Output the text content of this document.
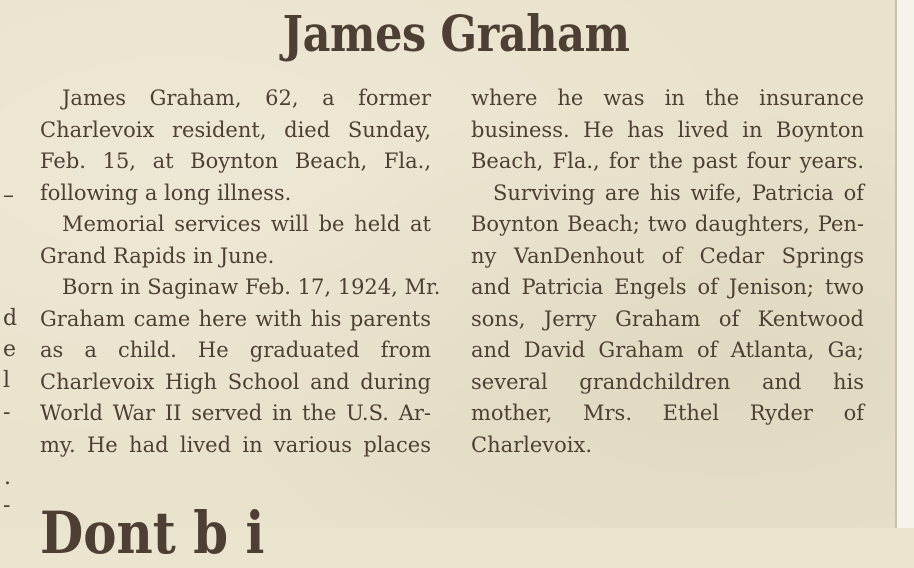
James Graham
–
d
e
l
-
.
-
James Graham, 62, a former
Charlevoix resident, died Sunday,
Feb. 15, at Boynton Beach, Fla.,
following a long illness.
Memorial services will be held at
Grand Rapids in June.
Born in Saginaw Feb. 17, 1924, Mr.
Graham came here with his parents
as a child. He graduated from
Charlevoix High School and during
World War II served in the U.S. Ar-
my. He had lived in various places
where he was in the insurance
business. He has lived in Boynton
Beach, Fla., for the past four years.
Surviving are his wife, Patricia of
Boynton Beach; two daughters, Pen-
ny VanDenhout of Cedar Springs
and Patricia Engels of Jenison; two
sons, Jerry Graham of Kentwood
and David Graham of Atlanta, Ga;
several grandchildren and his
mother, Mrs. Ethel Ryder of
Charlevoix.
Dont b i
